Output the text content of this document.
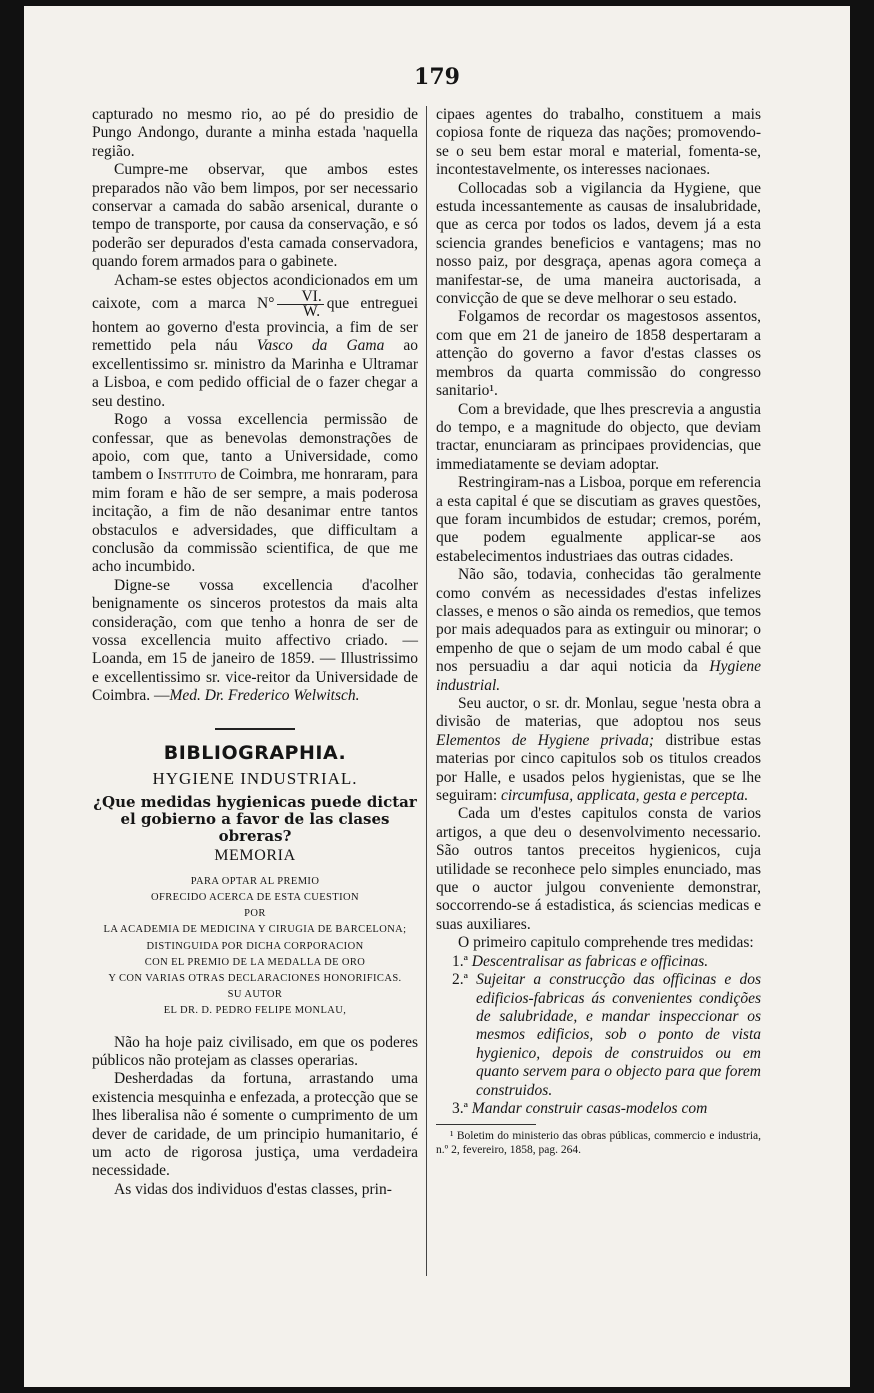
179

capturado no mesmo rio, ao pé do presidio de Pungo Andongo, durante a minha estada 'naquella região.

Cumpre-me observar, que ambos estes preparados não vão bem limpos, por ser necessario conservar a camada do sabão arsenical, durante o tempo de transporte, por causa da conservação, e só poderão ser depurados d'esta camada conservadora, quando forem armados para o gabinete.

Acham-se estes objectos acondicionados em um caixote, com a marca $N^\circ \frac{VI.}{W.}$ que entreguei hontem ao governo d'esta provincia, a fim de ser remettido pela náu Vasco da Gama ao excellentissimo sr. ministro da Marinha e Ultramar a Lisboa, e com pedido official de o fazer chegar a seu destino.

Rogo a vossa excellencia permissão de confessar, que as benevolas demonstrações de apoio, com que, tanto a Universidade, como tambem o Instituto de Coimbra, me honraram, para mim foram e hão de ser sempre, a mais poderosa incitação, a fim de não desanimar entre tantos obstaculos e adversidades, que difficultam a conclusão da commissão scientifica, de que me acho incumbido.

Digne-se vossa excellencia d'acolher benignamente os sinceros protestos da mais alta consideração, com que tenho a honra de ser de vossa excellencia muito affectivo criado. — Loanda, em 15 de janeiro de 1859. — Illustrissimo e excellentissimo sr. vice-reitor da Universidade de Coimbra. —Med. Dr. Frederico Welwitsch.

BIBLIOGRAPHIA.
HYGIENE INDUSTRIAL.
¿Que medidas hygienicas puede dictar el gobierno a favor de las clases obreras?
MEMORIA
PARA OPTAR AL PREMIO
OFRECIDO ACERCA DE ESTA CUESTION
POR
LA ACADEMIA DE MEDICINA Y CIRUGIA DE BARCELONA;
DISTINGUIDA POR DICHA CORPORACION
CON EL PREMIO DE LA MEDALLA DE ORO
Y CON VARIAS OTRAS DECLARACIONES HONORIFICAS.
SU AUTOR
EL DR. D. PEDRO FELIPE MONLAU,

Não ha hoje paiz civilisado, em que os poderes públicos não protejam as classes operarias.

Desherdadas da fortuna, arrastando uma existencia mesquinha e enfezada, a protecção que se lhes liberalisa não é somente o cumprimento de um dever de caridade, de um principio humanitario, é um acto de rigorosa justiça, uma verdadeira necessidade.

As vidas dos individuos d'estas classes, prin-

cipaes agentes do trabalho, constituem a mais copiosa fonte de riqueza das nações; promovendo-se o seu bem estar moral e material, fomenta-se, incontestavelmente, os interesses nacionaes.

Collocadas sob a vigilancia da Hygiene, que estuda incessantemente as causas de insalubridade, que as cerca por todos os lados, devem já a esta sciencia grandes beneficios e vantagens; mas no nosso paiz, por desgraça, apenas agora começa a manifestar-se, de uma maneira auctorisada, a convicção de que se deve melhorar o seu estado.

Folgamos de recordar os magestosos assentos, com que em 21 de janeiro de 1858 despertaram a attenção do governo a favor d'estas classes os membros da quarta commissão do congresso sanitario¹.

Com a brevidade, que lhes prescrevia a angustia do tempo, e a magnitude do objecto, que deviam tractar, enunciaram as principaes providencias, que immediatamente se deviam adoptar.

Restringiram-nas a Lisboa, porque em referencia a esta capital é que se discutiam as graves questões, que foram incumbidos de estudar; cremos, porém, que podem egualmente applicar-se aos estabelecimentos industriaes das outras cidades.

Não são, todavia, conhecidas tão geralmente como convém as necessidades d'estas infelizes classes, e menos o são ainda os remedios, que temos por mais adequados para as extinguir ou minorar; o empenho de que o sejam de um modo cabal é que nos persuadiu a dar aqui noticia da Hygiene industrial.

Seu auctor, o sr. dr. Monlau, segue 'nesta obra a divisão de materias, que adoptou nos seus Elementos de Hygiene privada; distribue estas materias por cinco capitulos sob os titulos creados por Halle, e usados pelos hygienistas, que se lhe seguiram: circumfusa, applicata, gesta e percepta.

Cada um d'estes capitulos consta de varios artigos, a que deu o desenvolvimento necessario. São outros tantos preceitos hygienicos, cuja utilidade se reconhece pelo simples enunciado, mas que o auctor julgou conveniente demonstrar, soccorrendo-se á estadistica, ás sciencias medicas e suas auxiliares.

O primeiro capitulo comprehende tres medidas:

1.ª Descentralisar as fabricas e officinas.
2.ª Sujeitar a construcção das officinas e dos edificios-fabricas ás convenientes condições de salubridade, e mandar inspeccionar os mesmos edificios, sob o ponto de vista hygienico, depois de construidos ou em quanto servem para o objecto para que forem construidos.
3.ª Mandar construir casas-modelos com

¹ Boletim do ministerio das obras públicas, commercio e industria, n.º 2, fevereiro, 1858, pag. 264.
